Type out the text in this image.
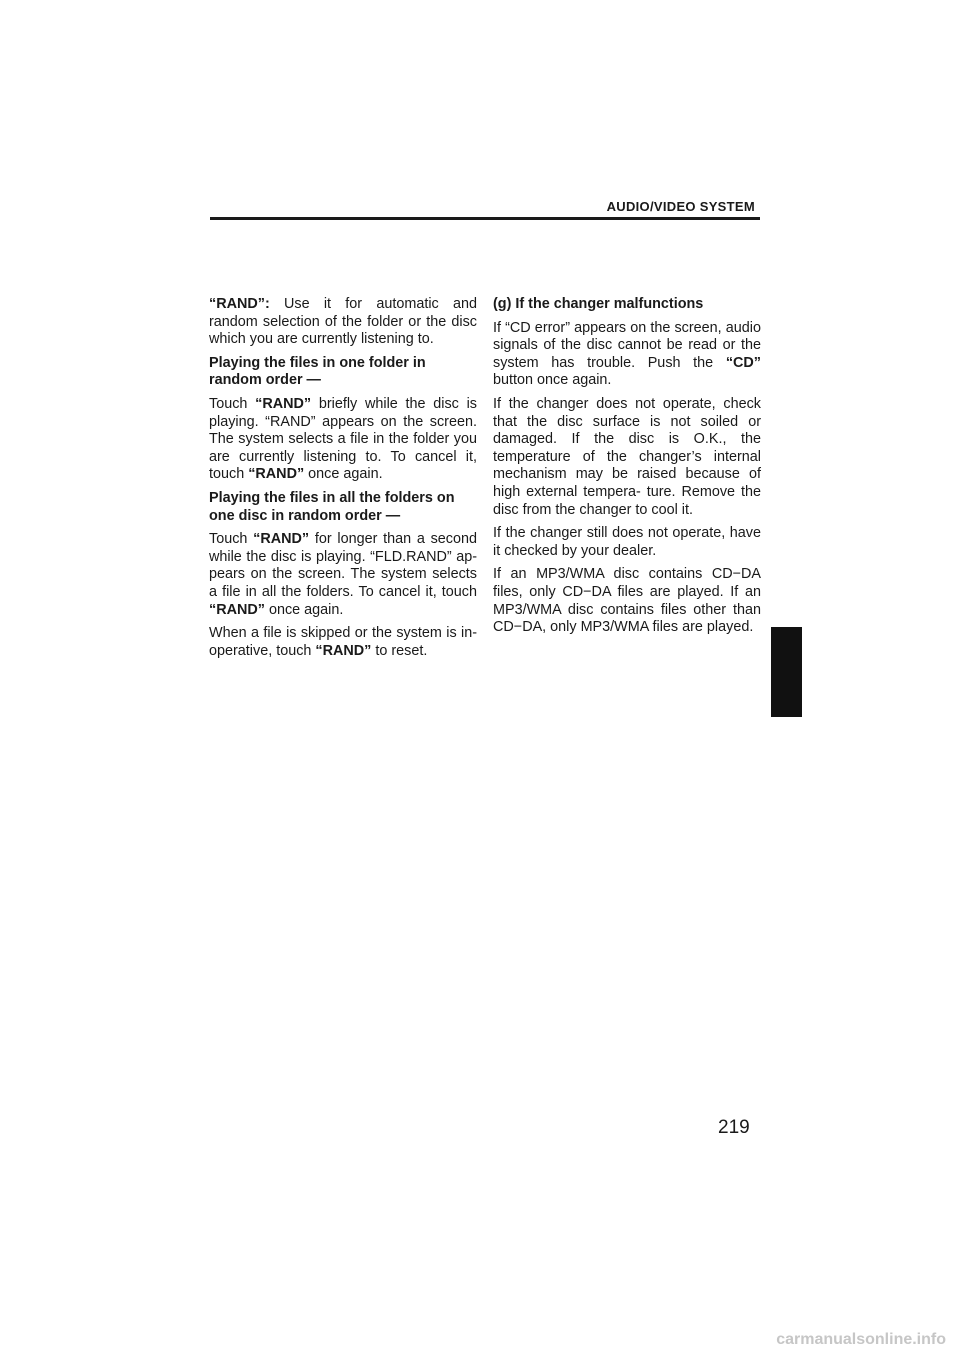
AUDIO/VIDEO SYSTEM

“RAND”: Use it for automatic and random selection of the folder or the disc which you are currently listening to.

Playing the files in one folder in random order —

Touch “RAND” briefly while the disc is playing. “RAND” appears on the screen. The system selects a file in the folder you are currently listening to. To cancel it, touch “RAND” once again.

Playing the files in all the folders on one disc in random order —

Touch “RAND” for longer than a second while the disc is playing. “FLD.RAND” ap- pears on the screen. The system selects a file in all the folders. To cancel it, touch “RAND” once again.

When a file is skipped or the system is in- operative, touch “RAND” to reset.

(g) If the changer malfunctions

If “CD error” appears on the screen, audio signals of the disc cannot be read or the system has trouble. Push the “CD” button once again.

If the changer does not operate, check that the disc surface is not soiled or damaged. If the disc is O.K., the temperature of the changer’s internal mechanism may be raised because of high external tempera- ture. Remove the disc from the changer to cool it.

If the changer still does not operate, have it checked by your dealer.

If an MP3/WMA disc contains CD−DA files, only CD−DA files are played. If an MP3/WMA disc contains files other than CD−DA, only MP3/WMA files are played.

219
carmanualsonline.info
